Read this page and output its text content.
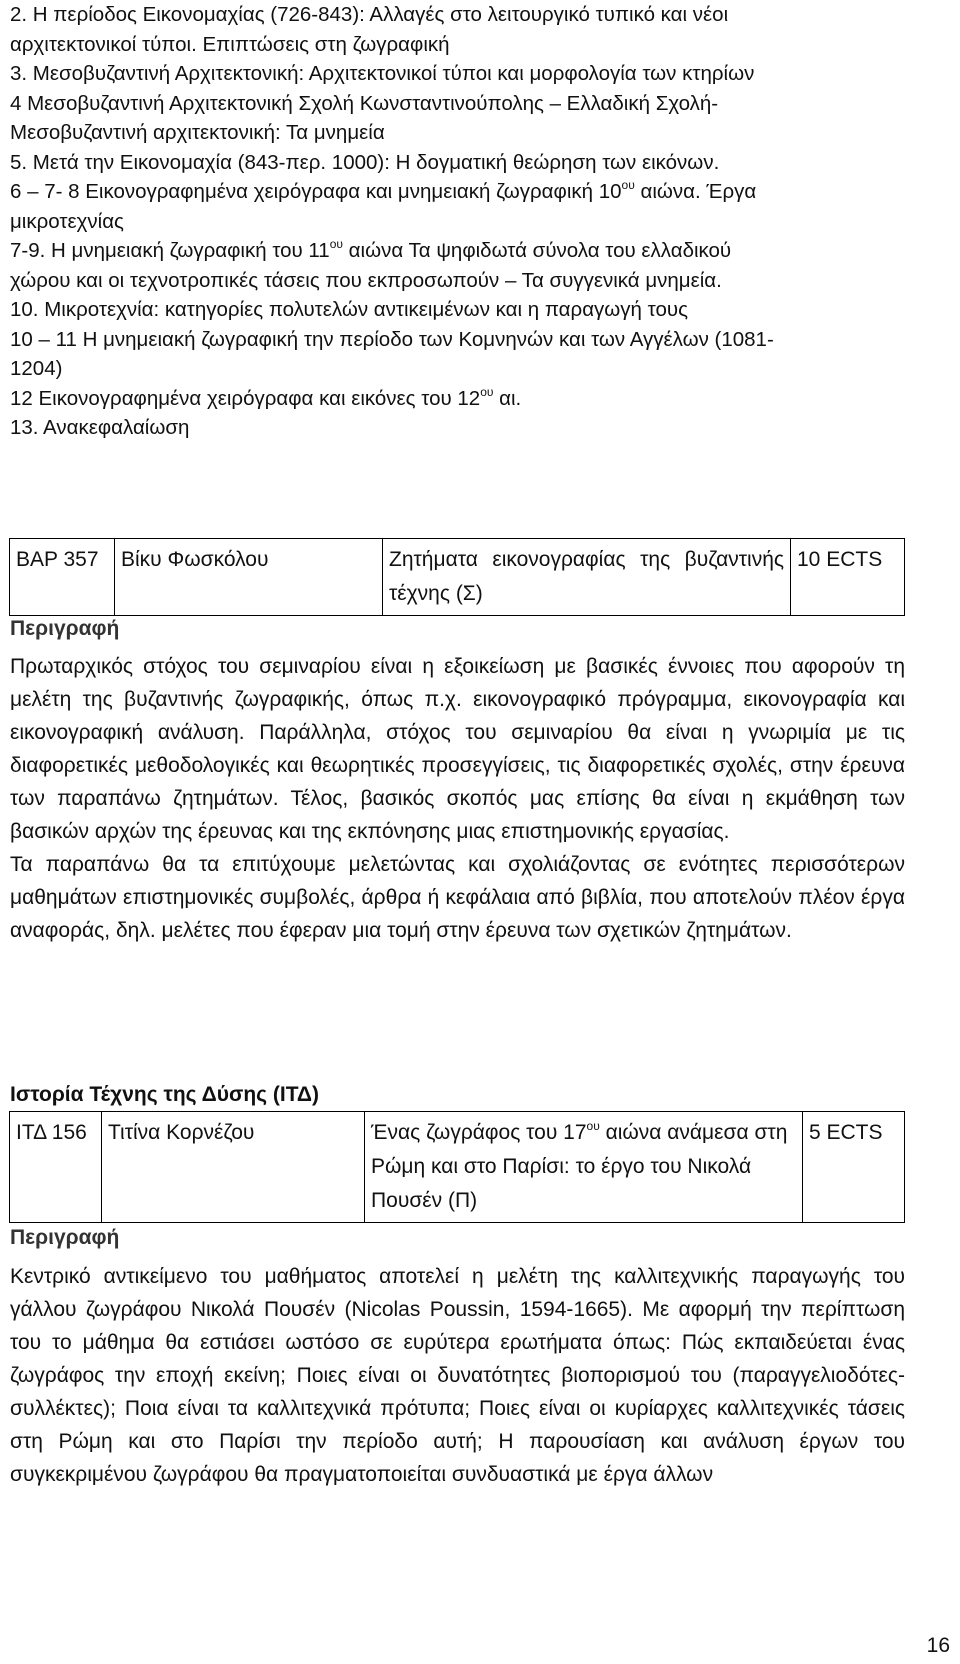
2. Η περίοδος Εικονομαχίας (726-843): Αλλαγές στο λειτουργικό τυπικό και νέοι
αρχιτεκτονικοί τύποι. Επιπτώσεις στη ζωγραφική
3. Μεσοβυζαντινή Αρχιτεκτονική: Αρχιτεκτονικοί τύποι και μορφολογία των κτηρίων
4 Μεσοβυζαντινή Αρχιτεκτονική Σχολή Κωνσταντινούπολης – Ελλαδική Σχολή-
Μεσοβυζαντινή αρχιτεκτονική: Τα μνημεία
5. Μετά την Εικονομαχία (843-περ. 1000): Η δογματική θεώρηση των εικόνων.
6 – 7- 8 Εικονογραφημένα χειρόγραφα και μνημειακή ζωγραφική $10^{o\upsilon}$ αιώνα. Έργα
μικροτεχνίας
7-9. Η μνημειακή ζωγραφική του $11^{o\upsilon}$ αιώνα Τα ψηφιδωτά σύνολα του ελλαδικού
χώρου και οι τεχνοτροπικές τάσεις που εκπροσωπούν – Τα συγγενικά μνημεία.
10. Μικροτεχνία: κατηγορίες πολυτελών αντικειμένων και η παραγωγή τους
10 – 11 Η μνημειακή ζωγραφική την περίοδο των Κομνηνών και των Αγγέλων (1081-
1204)
12 Εικονογραφημένα χειρόγραφα και εικόνες του $12^{o\upsilon}$ αι.
13. Ανακεφαλαίωση
ΒΑΡ 357	Βίκυ Φωσκόλου	Ζητήματα εικονογραφίας της βυζαντινής τέχνης (Σ)	10 ECTS
Περιγραφή

Πρωταρχικός στόχος του σεμιναρίου είναι η εξοικείωση με βασικές έννοιες που αφορούν τη μελέτη της βυζαντινής ζωγραφικής, όπως π.χ. εικονογραφικό πρόγραμμα, εικονογραφία και εικονογραφική ανάλυση. Παράλληλα, στόχος του σεμιναρίου θα είναι η γνωριμία με τις διαφορετικές μεθοδολογικές και θεωρητικές προσεγγίσεις, τις διαφορετικές σχολές, στην έρευνα των παραπάνω ζητημάτων. Τέλος, βασικός σκοπός μας επίσης θα είναι η εκμάθηση των βασικών αρχών της έρευνας και της εκπόνησης μιας επιστημονικής εργασίας.

Τα παραπάνω θα τα επιτύχουμε μελετώντας και σχολιάζοντας σε ενότητες περισσότερων μαθημάτων επιστημονικές συμβολές, άρθρα ή κεφάλαια από βιβλία, που αποτελούν πλέον έργα αναφοράς, δηλ. μελέτες που έφεραν μια τομή στην έρευνα των σχετικών ζητημάτων.

Ιστορία Τέχνης της Δύσης (ΙΤΔ)
ΙΤΔ 156	Τιτίνα Κορνέζου	Ένας ζωγράφος του $17^{o\upsilon}$ αιώνα ανάμεσα στη Ρώμη και στο Παρίσι: το έργο του Νικολά Πουσέν (Π)	5 ECTS
Περιγραφή

Κεντρικό αντικείμενο του μαθήματος αποτελεί η μελέτη της καλλιτεχνικής παραγωγής του γάλλου ζωγράφου Νικολά Πουσέν (Nicolas Poussin, 1594-1665). Με αφορμή την περίπτωση του το μάθημα θα εστιάσει ωστόσο σε ευρύτερα ερωτήματα όπως: Πώς εκπαιδεύεται ένας ζωγράφος την εποχή εκείνη; Ποιες είναι οι δυνατότητες βιοπορισμού του (παραγγελιοδότες-συλλέκτες); Ποια είναι τα καλλιτεχνικά πρότυπα; Ποιες είναι οι κυρίαρχες καλλιτεχνικές τάσεις στη Ρώμη και στο Παρίσι την περίοδο αυτή; Η παρουσίαση και ανάλυση έργων του συγκεκριμένου ζωγράφου θα πραγματοποιείται συνδυαστικά με έργα άλλων

16
